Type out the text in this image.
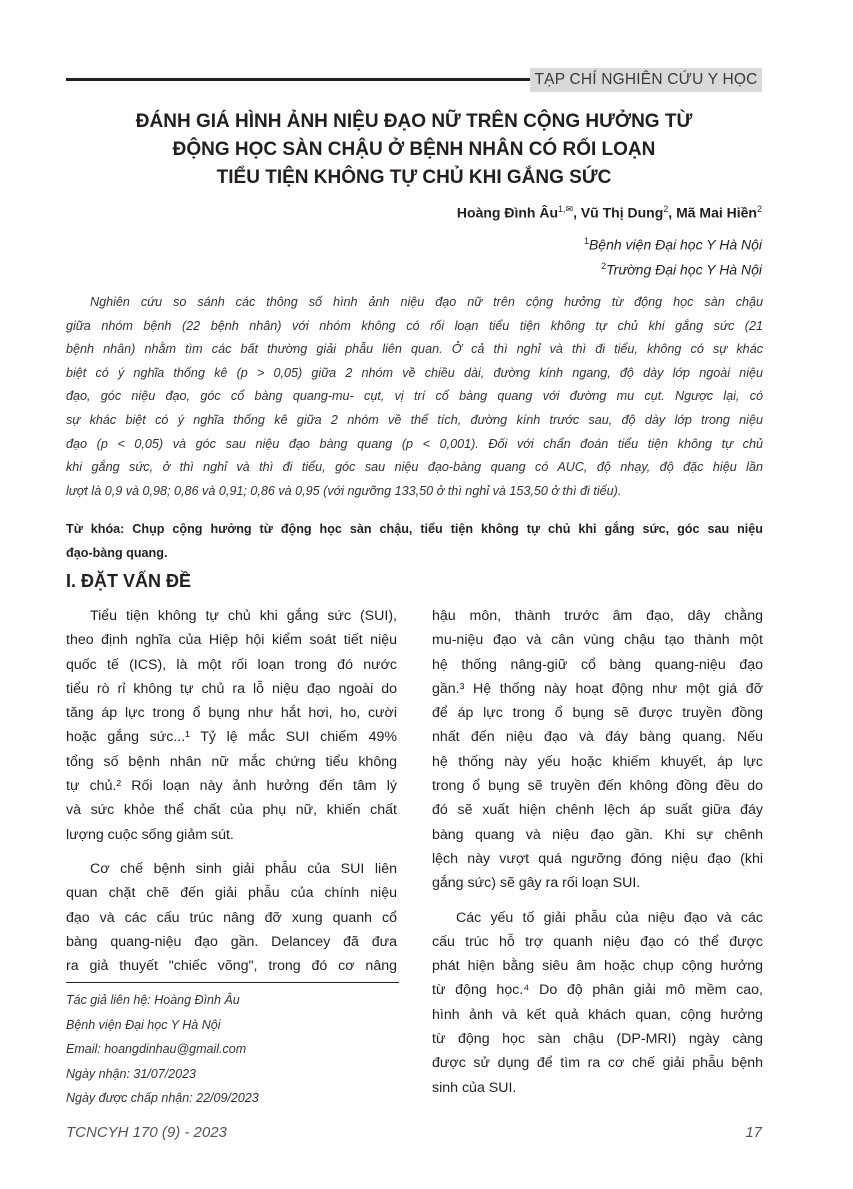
TẠP CHÍ NGHIÊN CỨU Y HỌC
ĐÁNH GIÁ HÌNH ẢNH NIỆU ĐẠO NỮ TRÊN CỘNG HƯỞNG TỪ
ĐỘNG HỌC SÀN CHẬU Ở BỆNH NHÂN CÓ RỐI LOẠN
TIỂU TIỆN KHÔNG TỰ CHỦ KHI GẮNG SỨC
Hoàng Đình $Âu^{1,✉}$, Vũ Thị Dung$^2$, Mã Mai Hiền$^2$
$^1$Bệnh viện Đại học Y Hà Nội
$^2$Trường Đại học Y Hà Nội
Nghiên cứu so sánh các thông số hình ảnh niệu đạo nữ trên cộng hưởng từ động học sàn chậu
giữa nhóm bệnh (22 bệnh nhân) với nhóm không có rối loạn tiểu tiện không tự chủ khi gắng sức (21
bệnh nhân) nhằm tìm các bất thường giải phẫu liên quan. Ở cả thì nghỉ và thì đi tiểu, không có sự khác
biệt có ý nghĩa thống kê (p > 0,05) giữa 2 nhóm về chiều dài, đường kính ngang, độ dày lớp ngoài niệu
đạo, góc niệu đạo, góc cổ bàng quang-mu- cụt, vị trí cổ bàng quang với đường mu cụt. Ngược lại, có
sự khác biệt có ý nghĩa thống kê giữa 2 nhóm về thể tích, đường kính trước sau, độ dày lớp trong niệu
đạo (p < 0,05) và góc sau niệu đạo bàng quang (p < 0,001). Đối với chẩn đoán tiểu tiện không tự chủ
khi gắng sức, ở thì nghỉ và thì đi tiểu, góc sau niệu đạo-bàng quang có AUC, độ nhạy, độ đặc hiệu lần
lượt là 0,9 và 0,98; 0,86 và 0,91; 0,86 và 0,95 (với ngưỡng 133,50 ở thì nghỉ và 153,50 ở thì đi tiểu).
Từ khóa: Chụp cộng hưởng từ động học sàn chậu, tiểu tiện không tự chủ khi gắng sức, góc sau niệu
đạo-bàng quang.
I. ĐẶT VẤN ĐỀ
Tiểu tiện không tự chủ khi gắng sức (SUI),
theo định nghĩa của Hiệp hội kiểm soát tiết niệu
quốc tế (ICS), là một rối loạn trong đó nước
tiểu rò rỉ không tự chủ ra lỗ niệu đạo ngoài do
tăng áp lực trong ổ bụng như hắt hơi, ho, cười
hoặc gắng sức...¹ Tỷ lệ mắc SUI chiếm 49%
tổng số bệnh nhân nữ mắc chứng tiểu không
tự chủ.² Rối loạn này ảnh hưởng đến tâm lý
và sức khỏe thể chất của phụ nữ, khiến chất
lượng cuộc sống giảm sút.
Cơ chế bệnh sinh giải phẫu của SUI liên
quan chặt chẽ đến giải phẫu của chính niệu
đạo và các cấu trúc nâng đỡ xung quanh cổ
bàng quang-niệu đạo gần. Delancey đã đưa
ra giả thuyết "chiếc võng", trong đó cơ nâng
hậu môn, thành trước âm đạo, dây chằng
mu-niệu đạo và cân vùng chậu tạo thành một
hệ thống nâng-giữ cổ bàng quang-niệu đạo
gần.³ Hệ thống này hoạt động như một giá đỡ
để áp lực trong ổ bụng sẽ được truyền đồng
nhất đến niệu đạo và đáy bàng quang. Nếu
hệ thống này yếu hoặc khiếm khuyết, áp lực
trong ổ bụng sẽ truyền đến không đồng đều do
đó sẽ xuất hiện chênh lệch áp suất giữa đáy
bàng quang và niệu đạo gần. Khi sự chênh
lệch này vượt quá ngưỡng đóng niệu đạo (khi
gắng sức) sẽ gây ra rối loạn SUI.
Các yếu tố giải phẫu của niệu đạo và các
cấu trúc hỗ trợ quanh niệu đạo có thể được
phát hiện bằng siêu âm hoặc chụp cộng hưởng
từ động học.⁴ Do độ phân giải mô mềm cao,
hình ảnh và kết quả khách quan, cộng hưởng
từ động học sàn chậu (DP-MRI) ngày càng
được sử dụng để tìm ra cơ chế giải phẫu bệnh
sinh của SUI.
Tác giả liên hệ: Hoàng Đình Âu
Bệnh viện Đại học Y Hà Nội
Email: hoangdinhau@gmail.com
Ngày nhận: 31/07/2023
Ngày được chấp nhận: 22/09/2023
TCNCYH 170 (9) - 2023	17
